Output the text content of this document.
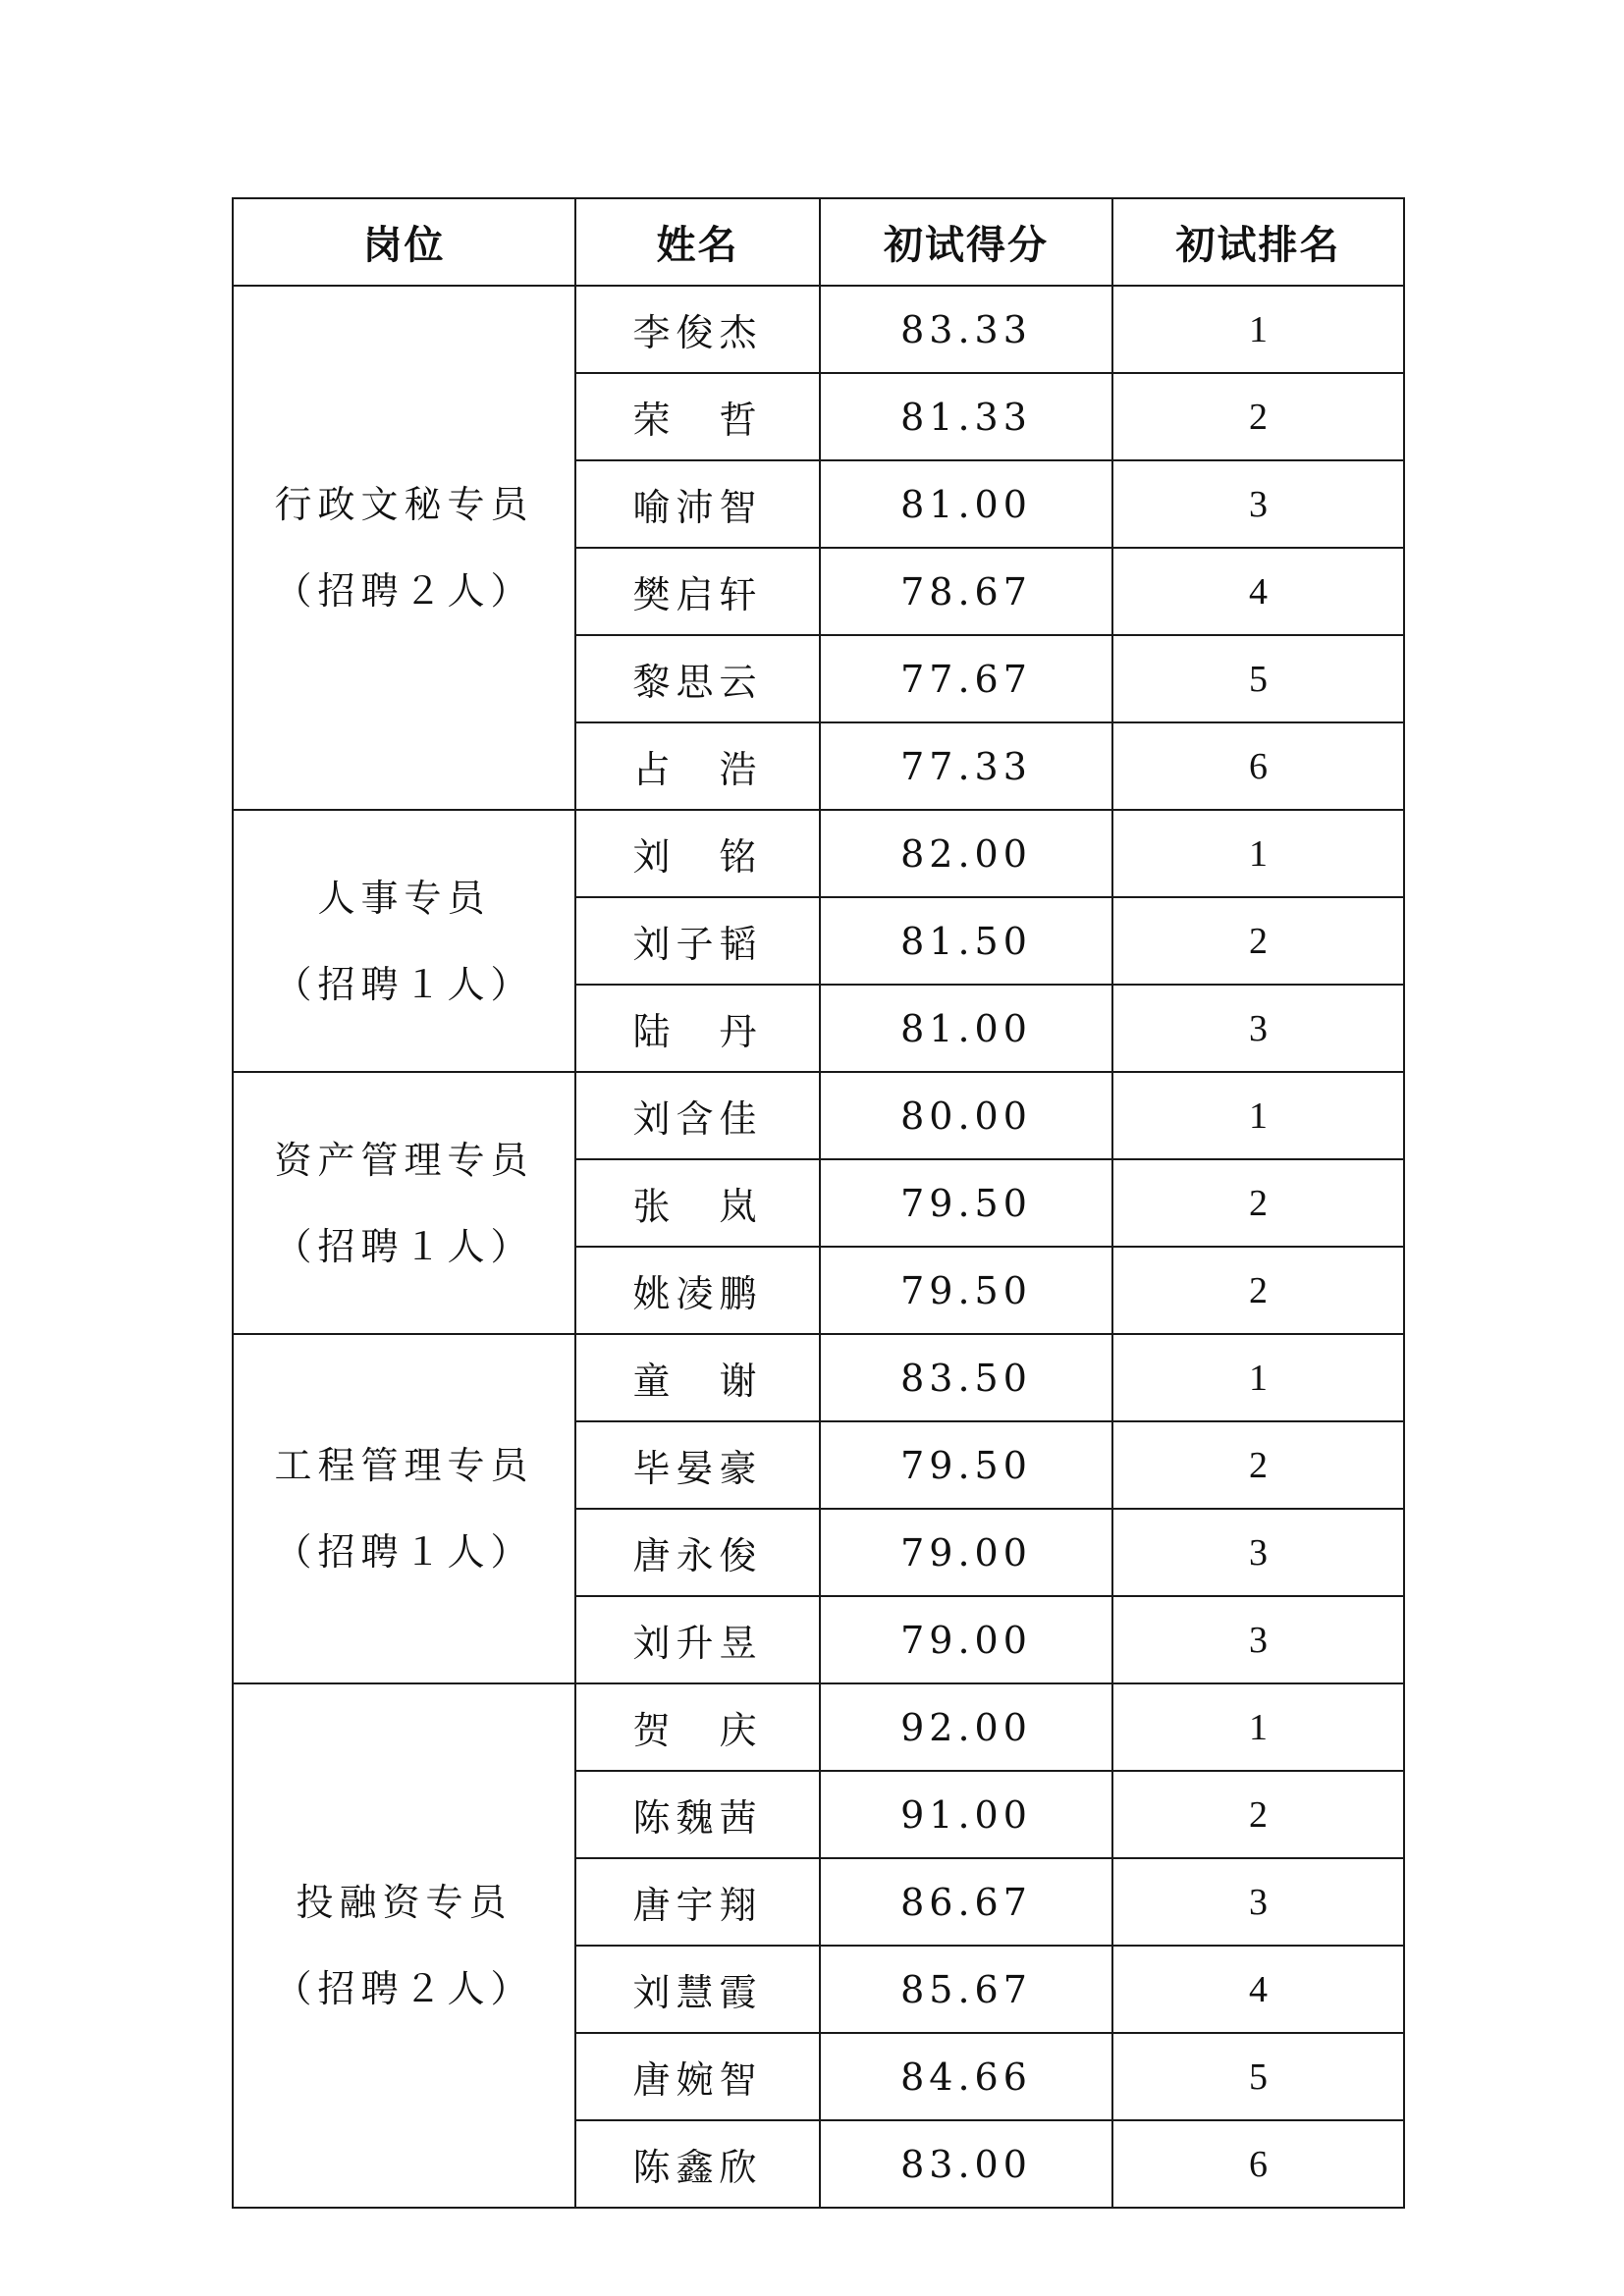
岗位	姓名	初试得分	初试排名

行政文秘专员
（招聘２人）	李俊杰	83.33	1
	荣　哲	81.33	2
	喻沛智	81.00	3
	樊启轩	78.67	4
	黎思云	77.67	5
	占　浩	77.33	6

人事专员
（招聘１人）	刘　铭	82.00	1
	刘子韬	81.50	2
	陆　丹	81.00	3

资产管理专员
（招聘１人）	刘含佳	80.00	1
	张　岚	79.50	2
	姚凌鹏	79.50	2

工程管理专员
（招聘１人）	童　谢	83.50	1
	毕晏豪	79.50	2
	唐永俊	79.00	3
	刘升昱	79.00	3

投融资专员
（招聘２人）	贺　庆	92.00	1
	陈魏茜	91.00	2
	唐宇翔	86.67	3
	刘慧霞	85.67	4
	唐婉智	84.66	5
	陈鑫欣	83.00	6
